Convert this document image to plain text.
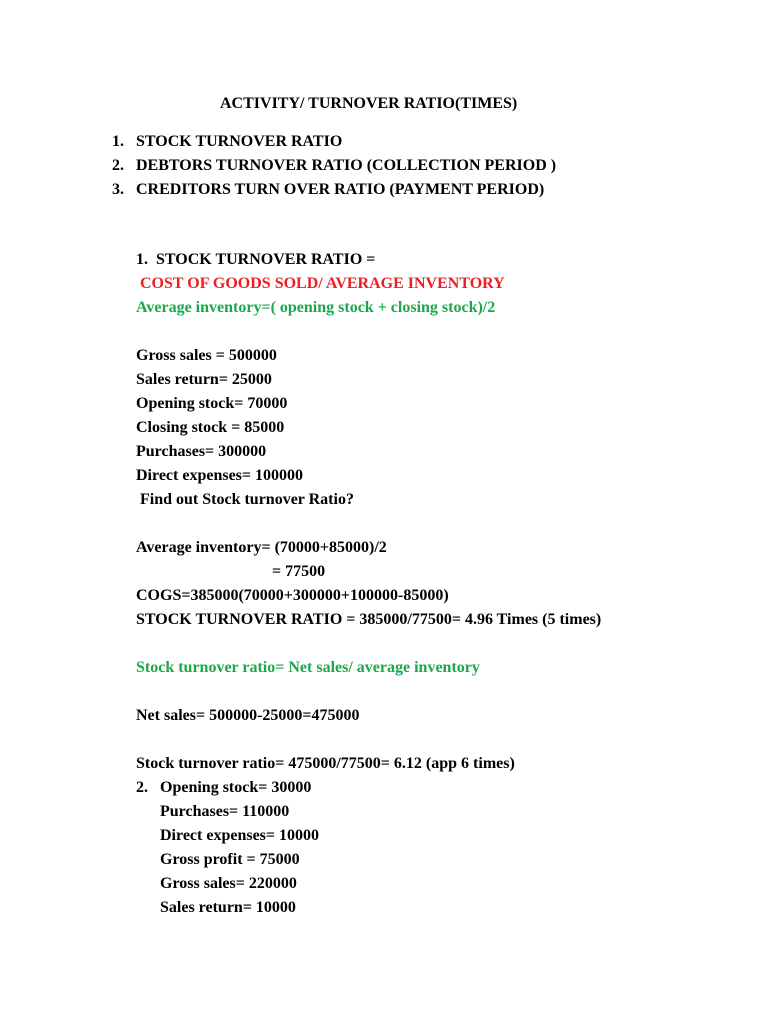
ACTIVITY/ TURNOVER RATIO(TIMES)
1. STOCK TURNOVER RATIO
2. DEBTORS TURNOVER RATIO (COLLECTION PERIOD )
3. CREDITORS TURN OVER RATIO (PAYMENT PERIOD)
1. STOCK TURNOVER RATIO =
COST OF GOODS SOLD/ AVERAGE INVENTORY
Average inventory=( opening stock + closing stock)/2
Gross sales = 500000
Sales return= 25000
Opening stock= 70000
Closing stock = 85000
Purchases= 300000
Direct expenses= 100000
Find out Stock turnover Ratio?
Average inventory= (70000+85000)/2
= 77500
COGS=385000(70000+300000+100000-85000)
STOCK TURNOVER RATIO = 385000/77500= 4.96 Times (5 times)
Stock turnover ratio= Net sales/ average inventory
Net sales= 500000-25000=475000
Stock turnover ratio= 475000/77500= 6.12 (app 6 times)
2. Opening stock= 30000
Purchases= 110000
Direct expenses= 10000
Gross profit = 75000
Gross sales= 220000
Sales return= 10000
